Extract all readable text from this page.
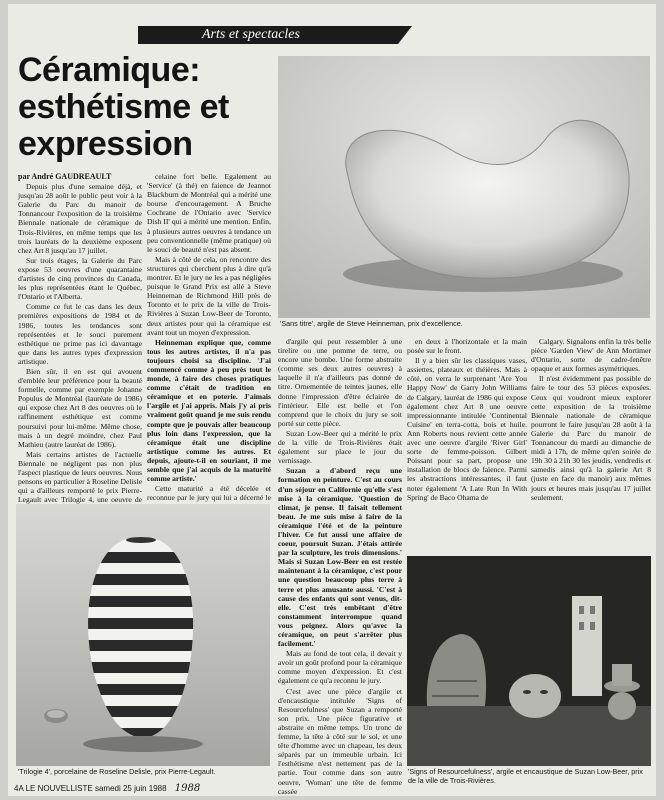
Arts et spectacles
Céramique:
esthétisme et
expression

par André GAUDREAULT

Depuis plus d'une semaine déjà, et jusqu'au 28 août le public peut voir à la Galerie du Parc du manoir de Tonnancour l'exposition de la troisième Biennale nationale de céramique de Trois-Rivières, en même temps que les trois lauréats de la deuxième exposent chez Art 8 jusqu'au 17 juillet.

Sur trois étages, la Galerie du Parc expose 53 oeuvres d'une quarantaine d'artistes de cinq provinces du Canada, les plus représentées étant le Québec, l'Ontario et l'Alberta.

Comme ce fut le cas dans les deux premières expositions de 1984 et de 1986, toutes les tendances sont représentées et le souci purement esthétique ne prime pas ici davantage que dans les autres types d'expression artistique.

Bien sûr, il en est qui avouent d'emblée leur préférence pour la beauté formelle, comme par exemple Johanne Populus de Montréal (lauréate de 1986) qui expose chez Art 8 des oeuvres où le raffinement esthétique est comme poursuivi pour lui-même. Même chose, mais à un degré moindre, chez Paul Mathieu (autre lauréat de 1986).

Mais certains artistes de l'actuelle Biennale ne négligent pas non plus l'aspect plastique de leurs oeuvres. Nous pensons en particulier à Roseline Delisle qui a d'ailleurs remporté le prix Pierre-Legault avec Trilogie 4, une oeuvre de

celaine fort belle. Egalement au 'Service' (à thé) en faience de Jeannot Blackburn de Montréal qui a mérité une bourse d'encouragement. A Bruche Cochrane de l'Ontario avec 'Service Dish II' qui a mérité une mention. Enfin, à plusieurs autres oeuvres à tendance un peu conventionnelle (même pratique) où le souci de beauté n'est pas absent.

Mais à côté de cela, on rencontre des structures qui cherchent plus à dire qu'à montrer. Et le jury ne les a pas négligées puisque le Grand Prix est allé à Steve Heinneman de Richmond Hill près de Toronto et le prix de la ville de Trois-Rivières à Suzan Low-Beer de Toronto, deux artistes pour qui la céramique est avant tout un moyen d'expression.

Heinneman explique que, comme tous les autres artistes, il n'a pas toujours choisi sa discipline. 'J'ai commencé comme à peu près tout le monde, à faire des choses pratiques comme c'était de tradition en céramique et en poterie. J'aimais l'argile et j'ai appris. Mais j'y ai pris vraiment goût quand je me suis rendu compte que je pouvais aller beaucoup plus loin dans l'expression, que la céramique était une discipline artistique comme les autres. Et depuis, ajoute-t-il en souriant, il me semble que j'ai acquis de la maturité comme artiste.'

Cette maturité a été décelée et reconnue par le jury qui lui a décerné le

'Sans titre', argile de Steve Heinneman, prix d'excellence.

d'argile qui peut ressembler à une tirelire ou une pomme de terre, ou encore une bombe. Une forme abstraite (comme ses deux autres oeuvres) à laquelle il n'a d'ailleurs pas donné de titre. Ornementée de teintes jaunes, elle donne l'impression d'être éclairée de l'intérieur. Elle est belle et l'on comprend que le choix du jury se soit porté sur cette pièce.

Suzan Low-Beer qui a mérité le prix de la ville de Trois-Rivières était également sur place le jour du vernissage.

Suzan a d'abord reçu une formation en peinture. C'est au cours d'un séjour en Californie qu'elle s'est mise à la céramique. 'Question de climat, je pense. Il faisait tellement beau. Je me suis mise à faire de la céramique l'été et de la peinture l'hiver. Ce fut aussi une affaire de coeur, poursuit Suzan. J'étais attirée par la sculpture, les trois dimensions.' Mais si Suzan Low-Beer en est restée maintenant à la céramique, c'est pour une question beaucoup plus terre à terre et plus amusante aussi. 'C'est à cause des enfants qui sont venus, dit-elle. C'est très embêtant d'être constamment interrompue quand vous peignez. Alors qu'avec la céramique, on peut s'arrêter plus facilement.'

Mais au fond de tout cela, il devait y avoir un goût profond pour la céramique comme moyen d'expression. Et c'est également ce qu'a reconnu le jury.

C'est avec une pièce d'argile et d'encaustique intitulée 'Signs of Resourcefulness' que Suzan a remporté son prix. Une pièce figurative et abstraite en même temps. Un tronc de femme, la tête à côté sur le sol, et une tête d'homme avec un chapeau, les deux séparés par un immeuble urbain. Ici l'esthétisme n'est nettement pas de la partie. Tout comme dans son autre oeuvre, 'Woman' une tête de femme cassée

en deux à l'horizontale et la main posée sur le front.

Il y a bien sûr les classiques vases, assiettes, plateaux et théières. Mais à côté, on verra le surprenant 'Are You Happy Now' de Garry John Williams de Calgary, lauréat de 1986 qui expose également chez Art 8 une oeuvre impressionnante intitulée 'Continental Cuisine' en terra-cotta, bois et huile. Ann Roberts nous revient cette année avec une oeuvre d'argile 'River Girl' sorte de femme-poisson. Gilbert Poissant pour sa part, propose une installation de blocs de faïence. Parmi les abstractions intéressantes, il faut noter également 'A Late Run In With Spring' de Baco Ohama de

Calgary. Signalons enfin la très belle pièce 'Garden View' de Ann Mortimer d'Ontario, sorte de cadre-fenêtre opaque et aux formes asymétriques.

Il n'est évidemment pas possible de faire le tour des 53 pièces exposées. Ceux qui voudront mieux explorer cette exposition de la troisième Biennale nationale de céramique pourront le faire jusqu'au 28 août à la Galerie du Parc du manoir de Tonnancour du mardi au dimanche de midi à 17h, de même qu'en soirée de 19h 30 à 21h 30 les jeudis, vendredis et samedis ainsi qu'à la galerie Art 8 (juste en face du manoir) aux mêmes jours et heures mais jusqu'au 17 juillet seulement.

'Trilogie 4', porcelaine de Roseline Delisle, prix Pierre-Legault.	'Signs of Resourcefulness', argile et encaustique de Suzan Low-Beer, prix de la ville de Trois-Rivières.
4A LE NOUVELLISTE samedi 25 juin 1988 1988
